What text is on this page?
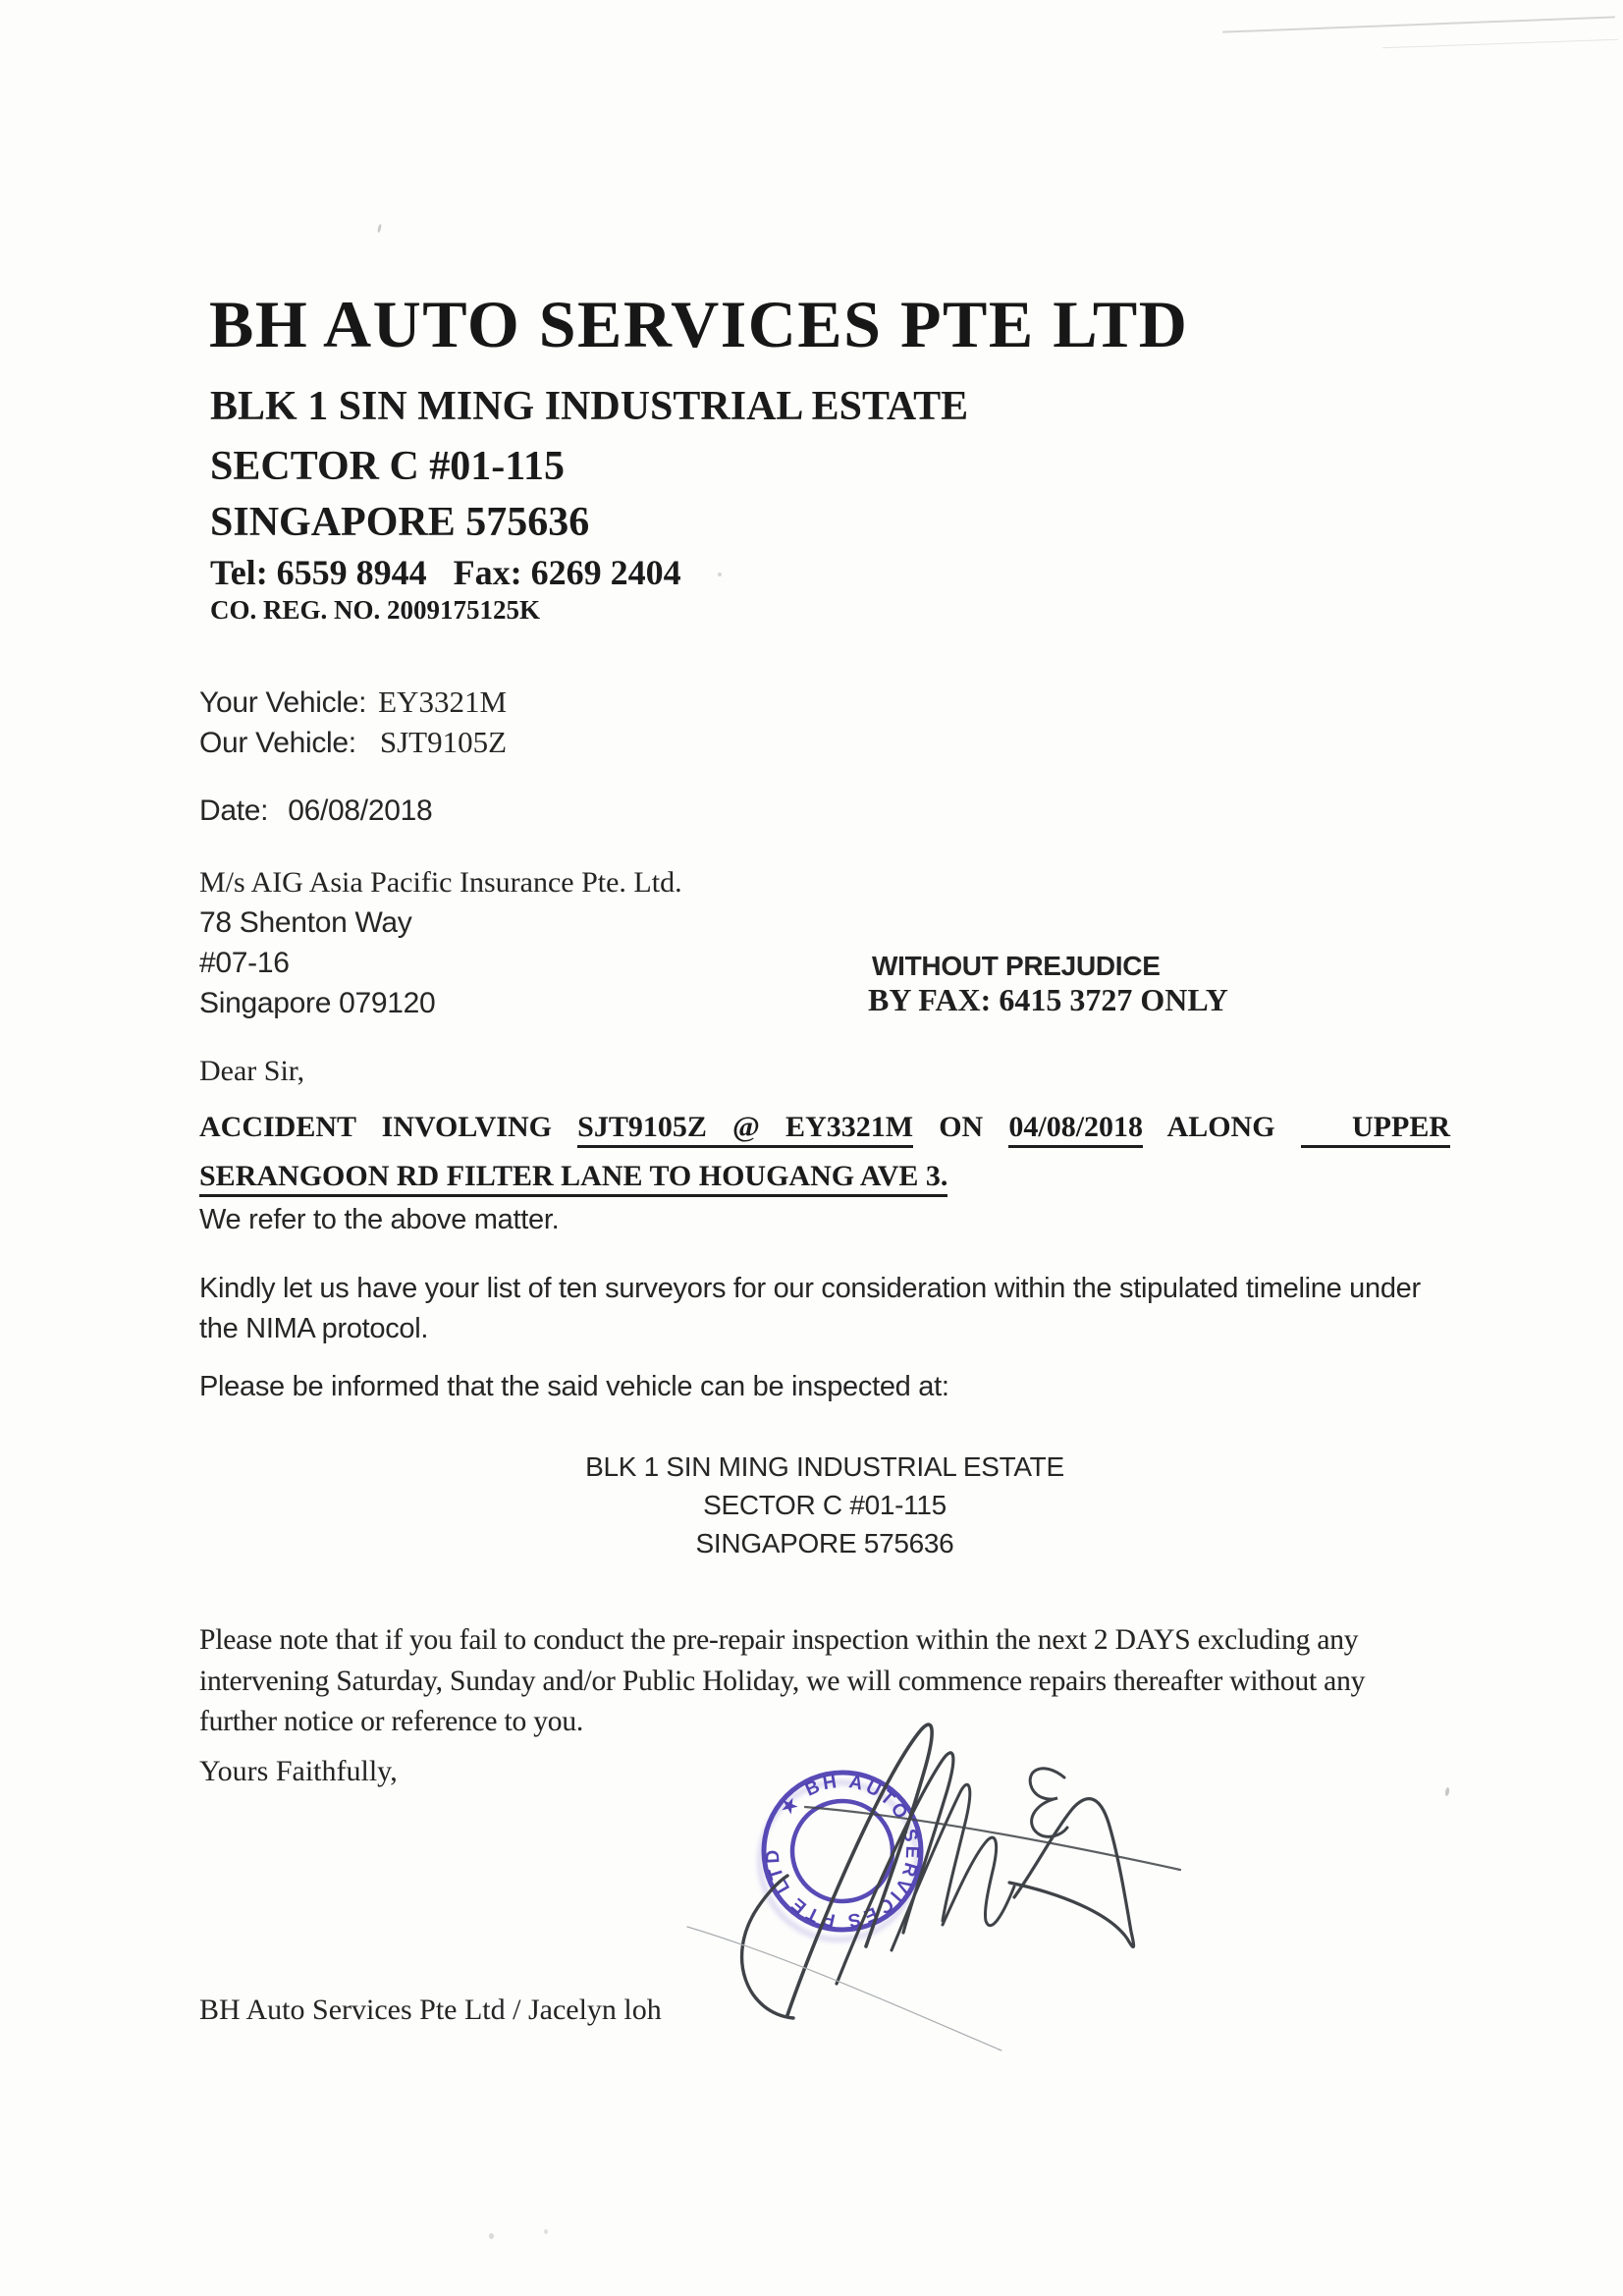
BH AUTO SERVICES PTE LTD
BLK 1 SIN MING INDUSTRIAL ESTATE
SECTOR C #01-115
SINGAPORE 575636
Tel: 6559 8944   Fax: 6269 2404
CO. REG. NO. 2009175125K
Your Vehicle: EY3321M
Our Vehicle: SJT9105Z
Date: 06/08/2018
M/s AIG Asia Pacific Insurance Pte. Ltd.
78 Shenton Way
#07-16
Singapore 079120
WITHOUT PREJUDICE
BY FAX: 6415 3727 ONLY
Dear Sir,
ACCIDENT INVOLVING SJT9105Z @ EY3321M ON 04/08/2018 ALONG   UPPER
SERANGOON RD FILTER LANE TO HOUGANG AVE 3.
We refer to the above matter.
Kindly let us have your list of ten surveyors for our consideration within the stipulated timeline under
the NIMA protocol.
Please be informed that the said vehicle can be inspected at:
BLK 1 SIN MING INDUSTRIAL ESTATE
SECTOR C #01-115
SINGAPORE 575636
Please note that if you fail to conduct the pre-repair inspection within the next 2 DAYS excluding any
intervening Saturday, Sunday and/or Public Holiday, we will commence repairs thereafter without any
further notice or reference to you.
Yours Faithfully,
BH Auto Services Pte Ltd / Jacelyn loh
★ BH AUTO SERVICES PTE LTD
